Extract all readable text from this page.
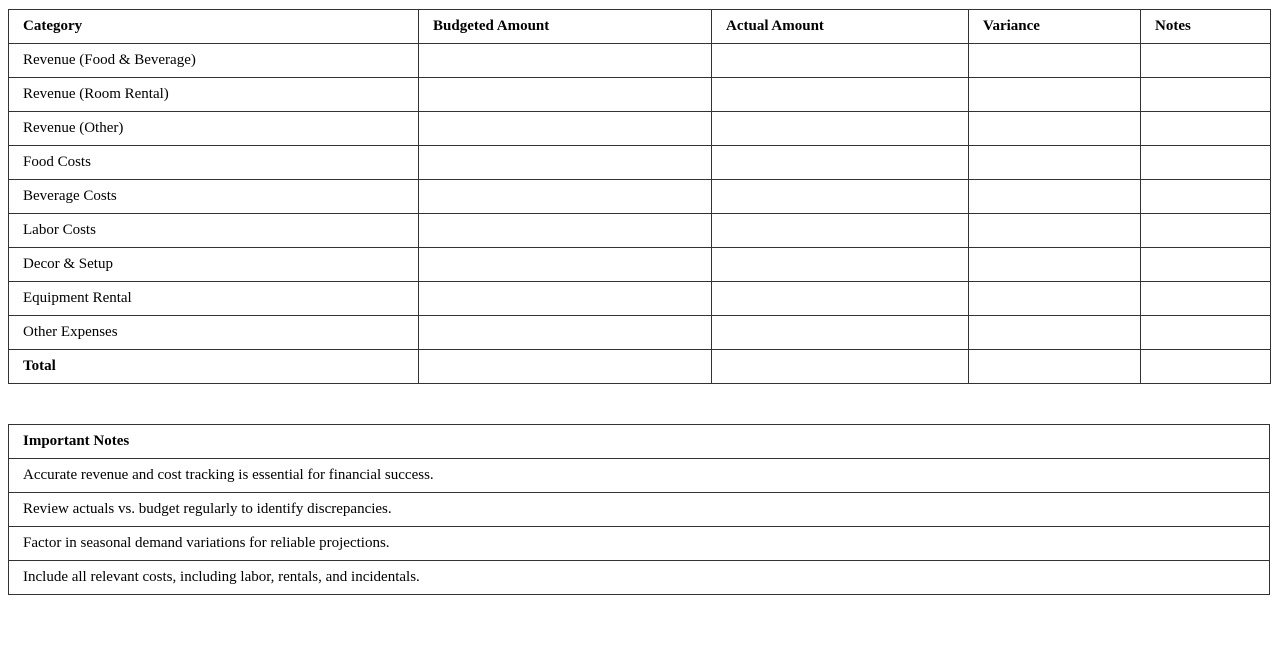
Category	Budgeted Amount	Actual Amount	Variance	Notes
Revenue (Food & Beverage)				
Revenue (Room Rental)				
Revenue (Other)				
Food Costs				
Beverage Costs				
Labor Costs				
Decor & Setup				
Equipment Rental				
Other Expenses				
Total				
Important Notes
Accurate revenue and cost tracking is essential for financial success.
Review actuals vs. budget regularly to identify discrepancies.
Factor in seasonal demand variations for reliable projections.
Include all relevant costs, including labor, rentals, and incidentals.
